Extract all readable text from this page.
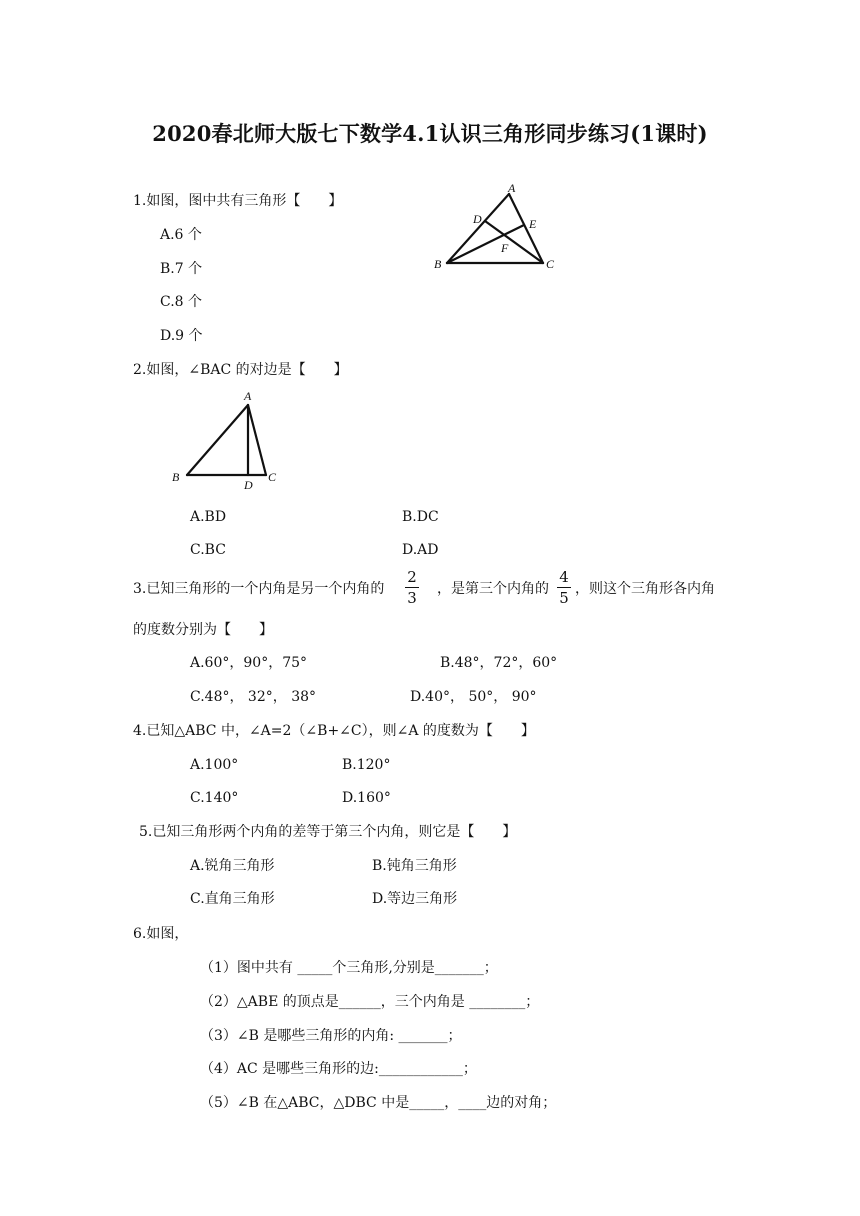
2020春北师大版七下数学4.1认识三角形同步练习(1课时)
1.如图，图中共有三角形【　　】
A.6 个
B.7 个
C.8 个
D.9 个
A
D	E
F
B	C
2.如图，∠BAC 的对边是【　　】
A
B
D
C
A.BD	B.DC
C.BC	D.AD
3.已知三角形的一个内角是另一个内角的
2
3 ，是第三个内角的
4
5 ，则这个三角形各内角
的度数分别为【　　】
A.60°，90°，75°	B.48°，72°，60°
C.48°， 32°， 38°	D.40°， 50°， 90°
4.已知△ABC 中，∠A=2（∠B+∠C），则∠A 的度数为【　　】
A.100°	B.120°
C.140°	D.160°
5.已知三角形两个内角的差等于第三个内角，则它是【　　】
A.锐角三角形	B.钝角三角形
C.直角三角形	D.等边三角形
6.如图，
（1）图中共有 _____个三角形,分别是_______；
（2）△ABE 的顶点是______，三个内角是 ________；
（3）∠B 是哪些三角形的内角: _______；
（4）AC 是哪些三角形的边:____________；
（5）∠B 在△ABC，△DBC 中是_____，____边的对角；
